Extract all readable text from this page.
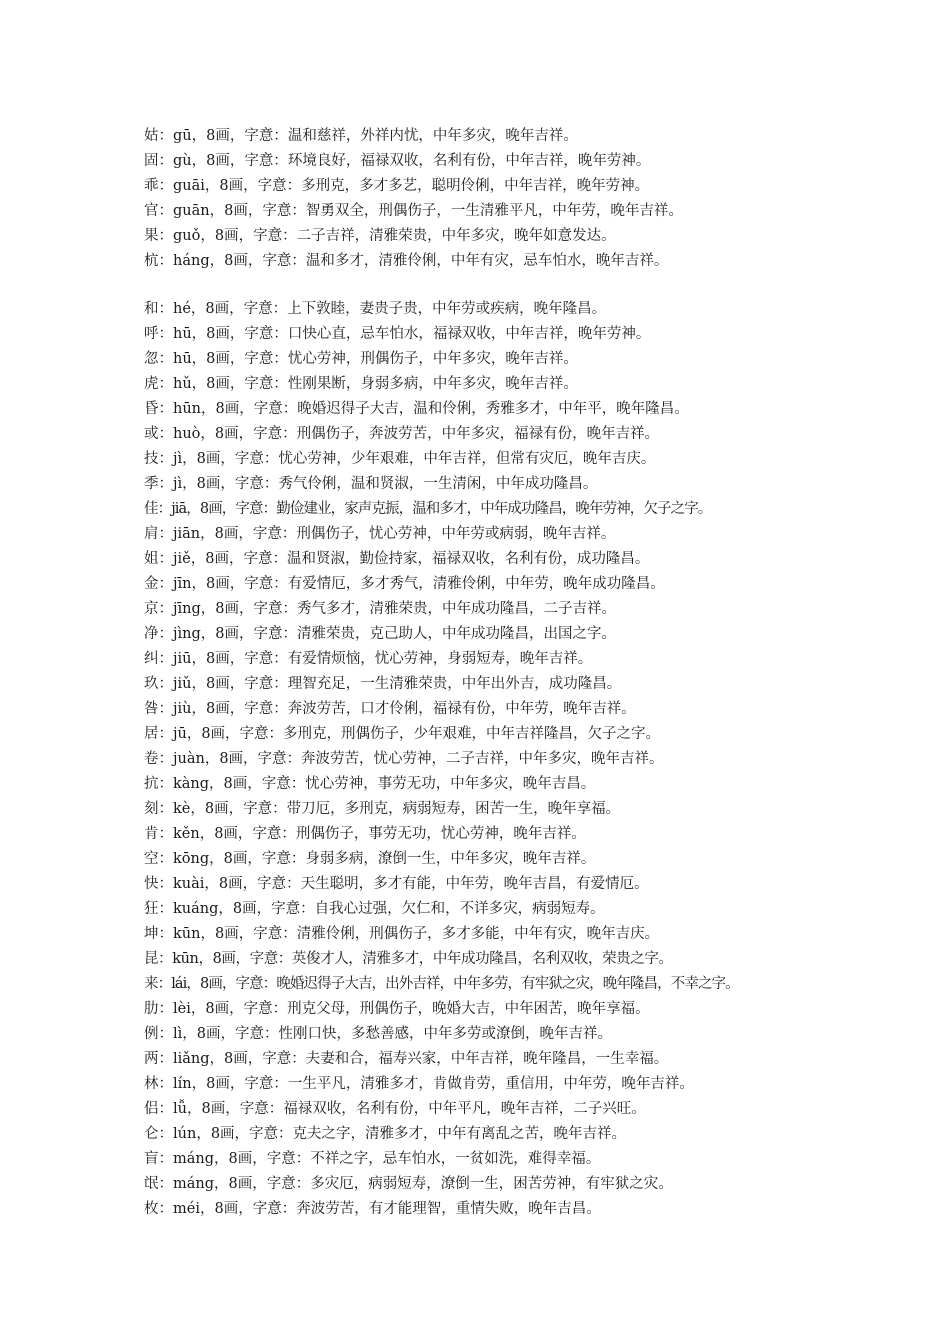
姑：gū，8画，字意：温和慈祥，外祥内忧，中年多灾，晚年吉祥。
固：gù，8画，字意：环境良好，福禄双收，名利有份，中年吉祥，晚年劳神。
乖：guāi，8画，字意：多刑克，多才多艺，聪明伶俐，中年吉祥，晚年劳神。
官：guān，8画，字意：智勇双全，刑偶伤子，一生清雅平凡，中年劳，晚年吉祥。
果：guǒ，8画，字意：二子吉祥，清雅荣贵，中年多灾，晚年如意发达。
杭：háng，8画，字意：温和多才，清雅伶俐，中年有灾，忌车怕水，晚年吉祥。
和：hé，8画，字意：上下敦睦，妻贵子贵，中年劳或疾病，晚年隆昌。
呼：hū，8画，字意：口快心直，忌车怕水，福禄双收，中年吉祥，晚年劳神。
忽：hū，8画，字意：忧心劳神，刑偶伤子，中年多灾，晚年吉祥。
虎：hǔ，8画，字意：性刚果断，身弱多病，中年多灾，晚年吉祥。
昏：hūn，8画，字意：晚婚迟得子大吉，温和伶俐，秀雅多才，中年平，晚年隆昌。
或：huò，8画，字意：刑偶伤子，奔波劳苦，中年多灾，福禄有份，晚年吉祥。
技：jì，8画，字意：忧心劳神，少年艰难，中年吉祥，但常有灾厄，晚年吉庆。
季：jì，8画，字意：秀气伶俐，温和贤淑，一生清闲，中年成功隆昌。
佳：jiā，8画，字意：勤俭建业，家声克振，温和多才，中年成功隆昌，晚年劳神，欠子之字。
肩：jiān，8画，字意：刑偶伤子，忧心劳神，中年劳或病弱，晚年吉祥。
姐：jiě，8画，字意：温和贤淑，勤俭持家，福禄双收，名利有份，成功隆昌。
金：jīn，8画，字意：有爱情厄，多才秀气，清雅伶俐，中年劳，晚年成功隆昌。
京：jīng，8画，字意：秀气多才，清雅荣贵，中年成功隆昌，二子吉祥。
净：jìng，8画，字意：清雅荣贵，克己助人，中年成功隆昌，出国之字。
纠：jiū，8画，字意：有爱情烦恼，忧心劳神，身弱短寿，晚年吉祥。
玖：jiǔ，8画，字意：理智充足，一生清雅荣贵，中年出外吉，成功隆昌。
咎：jiù，8画，字意：奔波劳苦，口才伶俐，福禄有份，中年劳，晚年吉祥。
居：jū，8画，字意：多刑克，刑偶伤子，少年艰难，中年吉祥隆昌，欠子之字。
卷：juàn，8画，字意：奔波劳苦，忧心劳神，二子吉祥，中年多灾，晚年吉祥。
抗：kàng，8画，字意：忧心劳神，事劳无功，中年多灾，晚年吉昌。
刻：kè，8画，字意：带刀厄，多刑克，病弱短寿，困苦一生，晚年享福。
肯：kěn，8画，字意：刑偶伤子，事劳无功，忧心劳神，晚年吉祥。
空：kōng，8画，字意：身弱多病，潦倒一生，中年多灾，晚年吉祥。
快：kuài，8画，字意：天生聪明，多才有能，中年劳，晚年吉昌，有爱情厄。
狂：kuáng，8画，字意：自我心过强，欠仁和，不详多灾，病弱短寿。
坤：kūn，8画，字意：清雅伶俐，刑偶伤子，多才多能，中年有灾，晚年吉庆。
昆：kūn，8画，字意：英俊才人，清雅多才，中年成功隆昌，名利双收，荣贵之字。
来：lái，8画，字意：晚婚迟得子大吉，出外吉祥，中年多劳，有牢狱之灾，晚年隆昌，不幸之字。
肋：lèi，8画，字意：刑克父母，刑偶伤子，晚婚大吉，中年困苦，晚年享福。
例：lì，8画，字意：性刚口快，多愁善感，中年多劳或潦倒，晚年吉祥。
两：liǎng，8画，字意：夫妻和合，福寿兴家，中年吉祥，晚年隆昌，一生幸福。
林：lín，8画，字意：一生平凡，清雅多才，肯做肯劳，重信用，中年劳，晚年吉祥。
侣：lǚ，8画，字意：福禄双收，名利有份，中年平凡，晚年吉祥，二子兴旺。
仑：lún，8画，字意：克夫之字，清雅多才，中年有离乱之苦，晚年吉祥。
盲：máng，8画，字意：不祥之字，忌车怕水，一贫如洗，难得幸福。
氓：máng，8画，字意：多灾厄，病弱短寿，潦倒一生，困苦劳神，有牢狱之灾。
枚：méi，8画，字意：奔波劳苦，有才能理智，重情失败，晚年吉昌。
